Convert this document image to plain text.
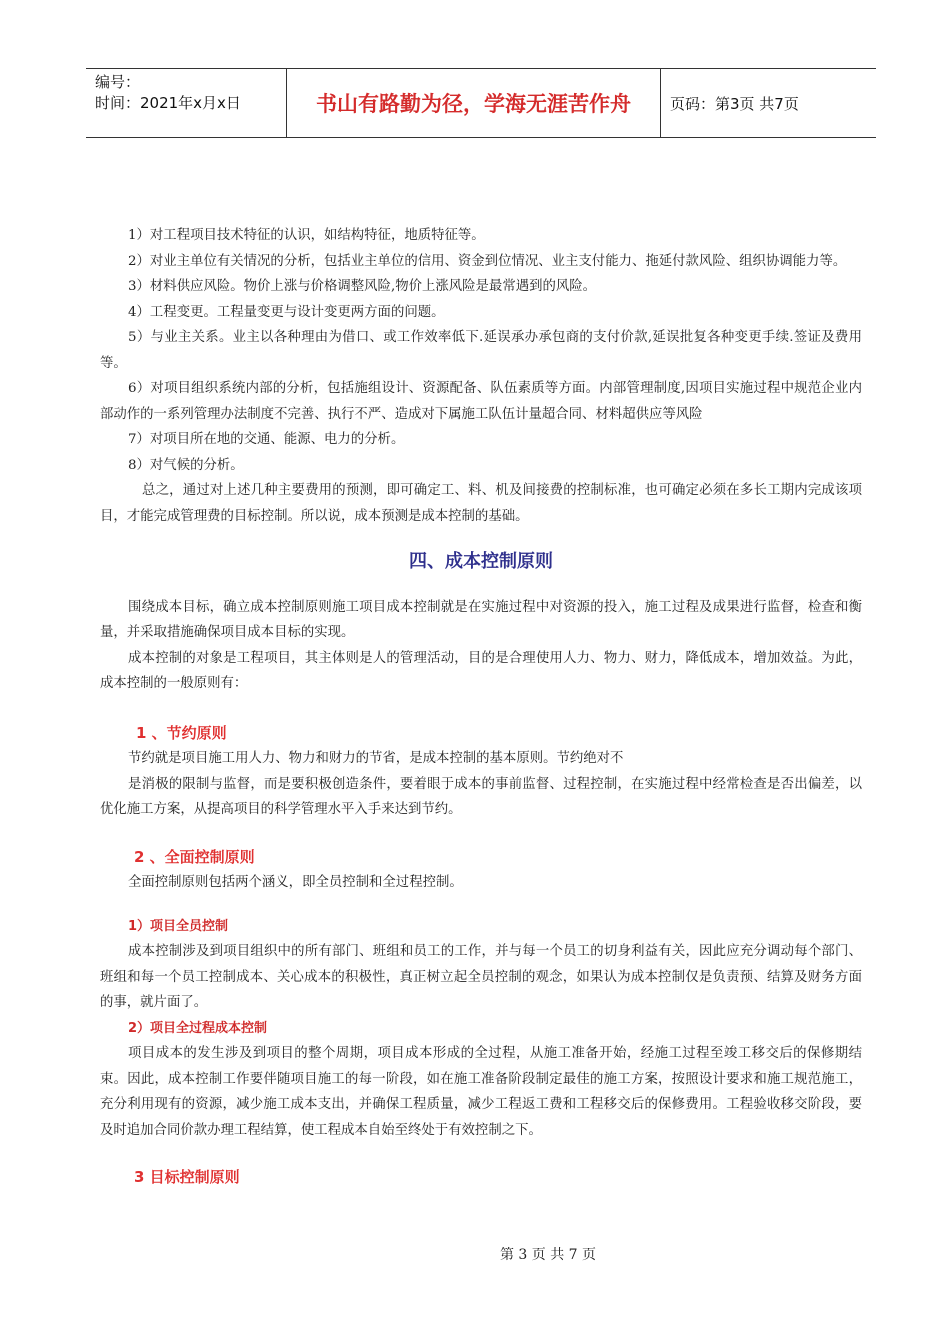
编号：
时间：2021年x月x日	书山有路勤为径，学海无涯苦作舟	页码：第3页 共7页

1）对工程项目技术特征的认识，如结构特征，地质特征等。

2）对业主单位有关情况的分析，包括业主单位的信用、资金到位情况、业主支付能力、拖延付款风险、组织协调能力等。

3）材料供应风险。物价上涨与价格调整风险,物价上涨风险是最常遇到的风险。

4）工程变更。工程量变更与设计变更两方面的问题。

5）与业主关系。业主以各种理由为借口、或工作效率低下.延误承办承包商的支付价款,延误批复各种变更手续.签证及费用等。

6）对项目组织系统内部的分析，包括施组设计、资源配备、队伍素质等方面。内部管理制度,因项目实施过程中规范企业内部动作的一系列管理办法制度不完善、执行不严、造成对下属施工队伍计量超合同、材料超供应等风险

7）对项目所在地的交通、能源、电力的分析。

8）对气候的分析。

总之，通过对上述几种主要费用的预测，即可确定工、料、机及间接费的控制标准，也可确定必须在多长工期内完成该项目，才能完成管理费的目标控制。所以说，成本预测是成本控制的基础。

四、成本控制原则

围绕成本目标，确立成本控制原则施工项目成本控制就是在实施过程中对资源的投入，施工过程及成果进行监督，检查和衡量，并采取措施确保项目成本目标的实现。

成本控制的对象是工程项目，其主体则是人的管理活动，目的是合理使用人力、物力、财力，降低成本，增加效益。为此，成本控制的一般原则有：

1 、节约原则

节约就是项目施工用人力、物力和财力的节省，是成本控制的基本原则。节约绝对不

是消极的限制与监督，而是要积极创造条件，要着眼于成本的事前监督、过程控制，在实施过程中经常检查是否出偏差，以优化施工方案，从提高项目的科学管理水平入手来达到节约。

2 、全面控制原则

全面控制原则包括两个涵义，即全员控制和全过程控制。

1）项目全员控制

成本控制涉及到项目组织中的所有部门、班组和员工的工作，并与每一个员工的切身利益有关，因此应充分调动每个部门、班组和每一个员工控制成本、关心成本的积极性，真正树立起全员控制的观念，如果认为成本控制仅是负责预、结算及财务方面的事，就片面了。

2）项目全过程成本控制

项目成本的发生涉及到项目的整个周期，项目成本形成的全过程，从施工准备开始，经施工过程至竣工移交后的保修期结束。因此，成本控制工作要伴随项目施工的每一阶段，如在施工准备阶段制定最佳的施工方案，按照设计要求和施工规范施工，充分利用现有的资源，减少施工成本支出，并确保工程质量，减少工程返工费和工程移交后的保修费用。工程验收移交阶段，要及时追加合同价款办理工程结算，使工程成本自始至终处于有效控制之下。

3 目标控制原则
第 3 页 共 7 页
